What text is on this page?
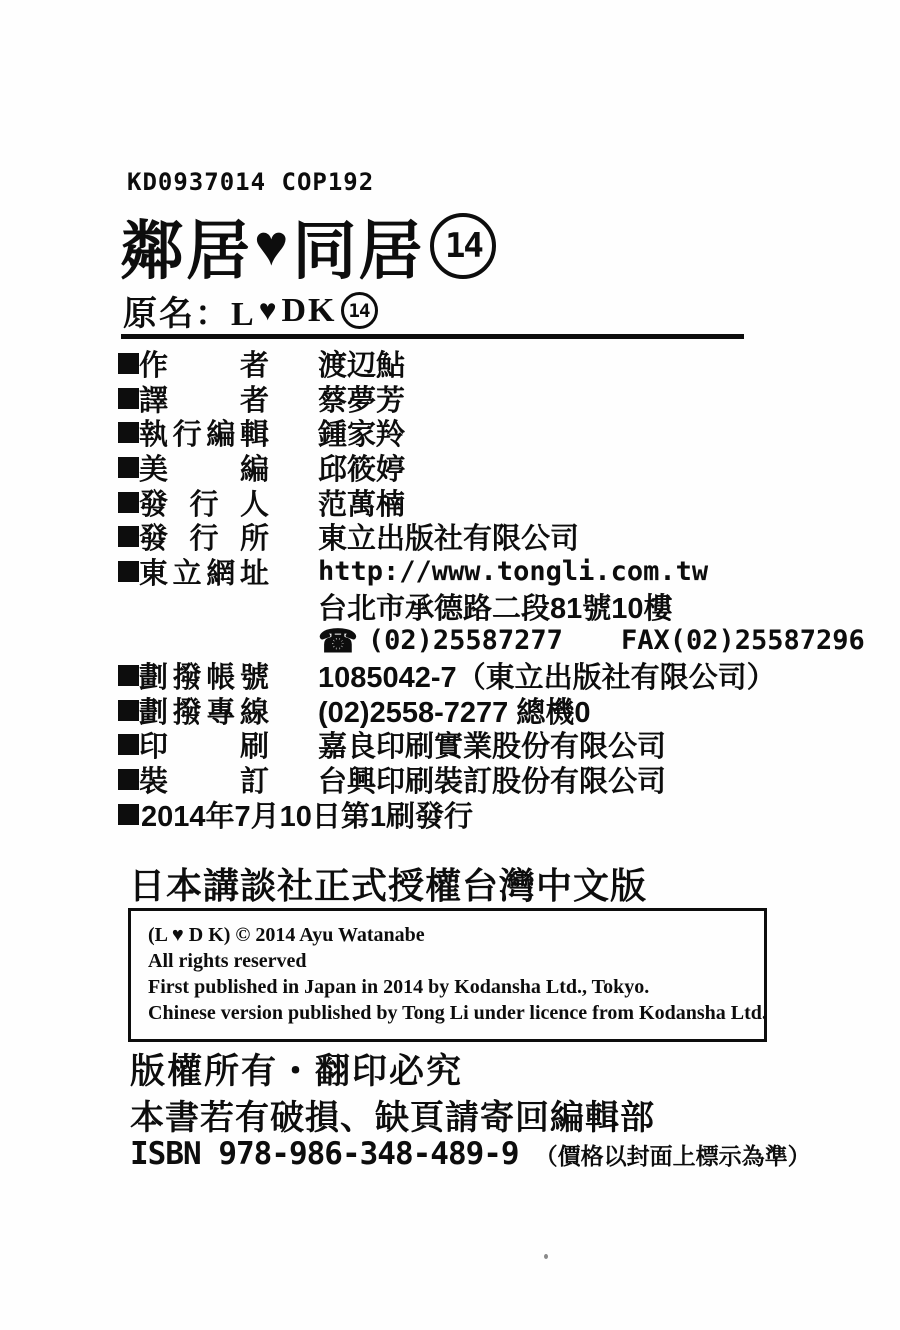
KD0937014 COP192
鄰居 ♥ 同居 14
原名：L ♥ DK 14
作者 渡辺鮎
譯者 蔡夢芳
執行編輯 鍾家羚
美編 邱筱婷
發行人 范萬楠
發行所 東立出版社有限公司
東立網址 http://www.tongli.com.tw
台北市承德路二段81號10樓
☎ (02)25587277 FAX(02)25587296
劃撥帳號 1085042-7（東立出版社有限公司）
劃撥專線 (02)2558-7277 總機0
印刷 嘉良印刷實業股份有限公司
裝訂 台興印刷裝訂股份有限公司
2014年7月10日第1刷發行
日本講談社正式授權台灣中文版
(L ♥ D K) © 2014 Ayu Watanabe
All rights reserved
First published in Japan in 2014 by Kodansha Ltd., Tokyo.
Chinese version published by Tong Li under licence from Kodansha Ltd.
版權所有・翻印必究
本書若有破損、缺頁請寄回編輯部
ISBN 978-986-348-489-9 （價格以封面上標示為準）
